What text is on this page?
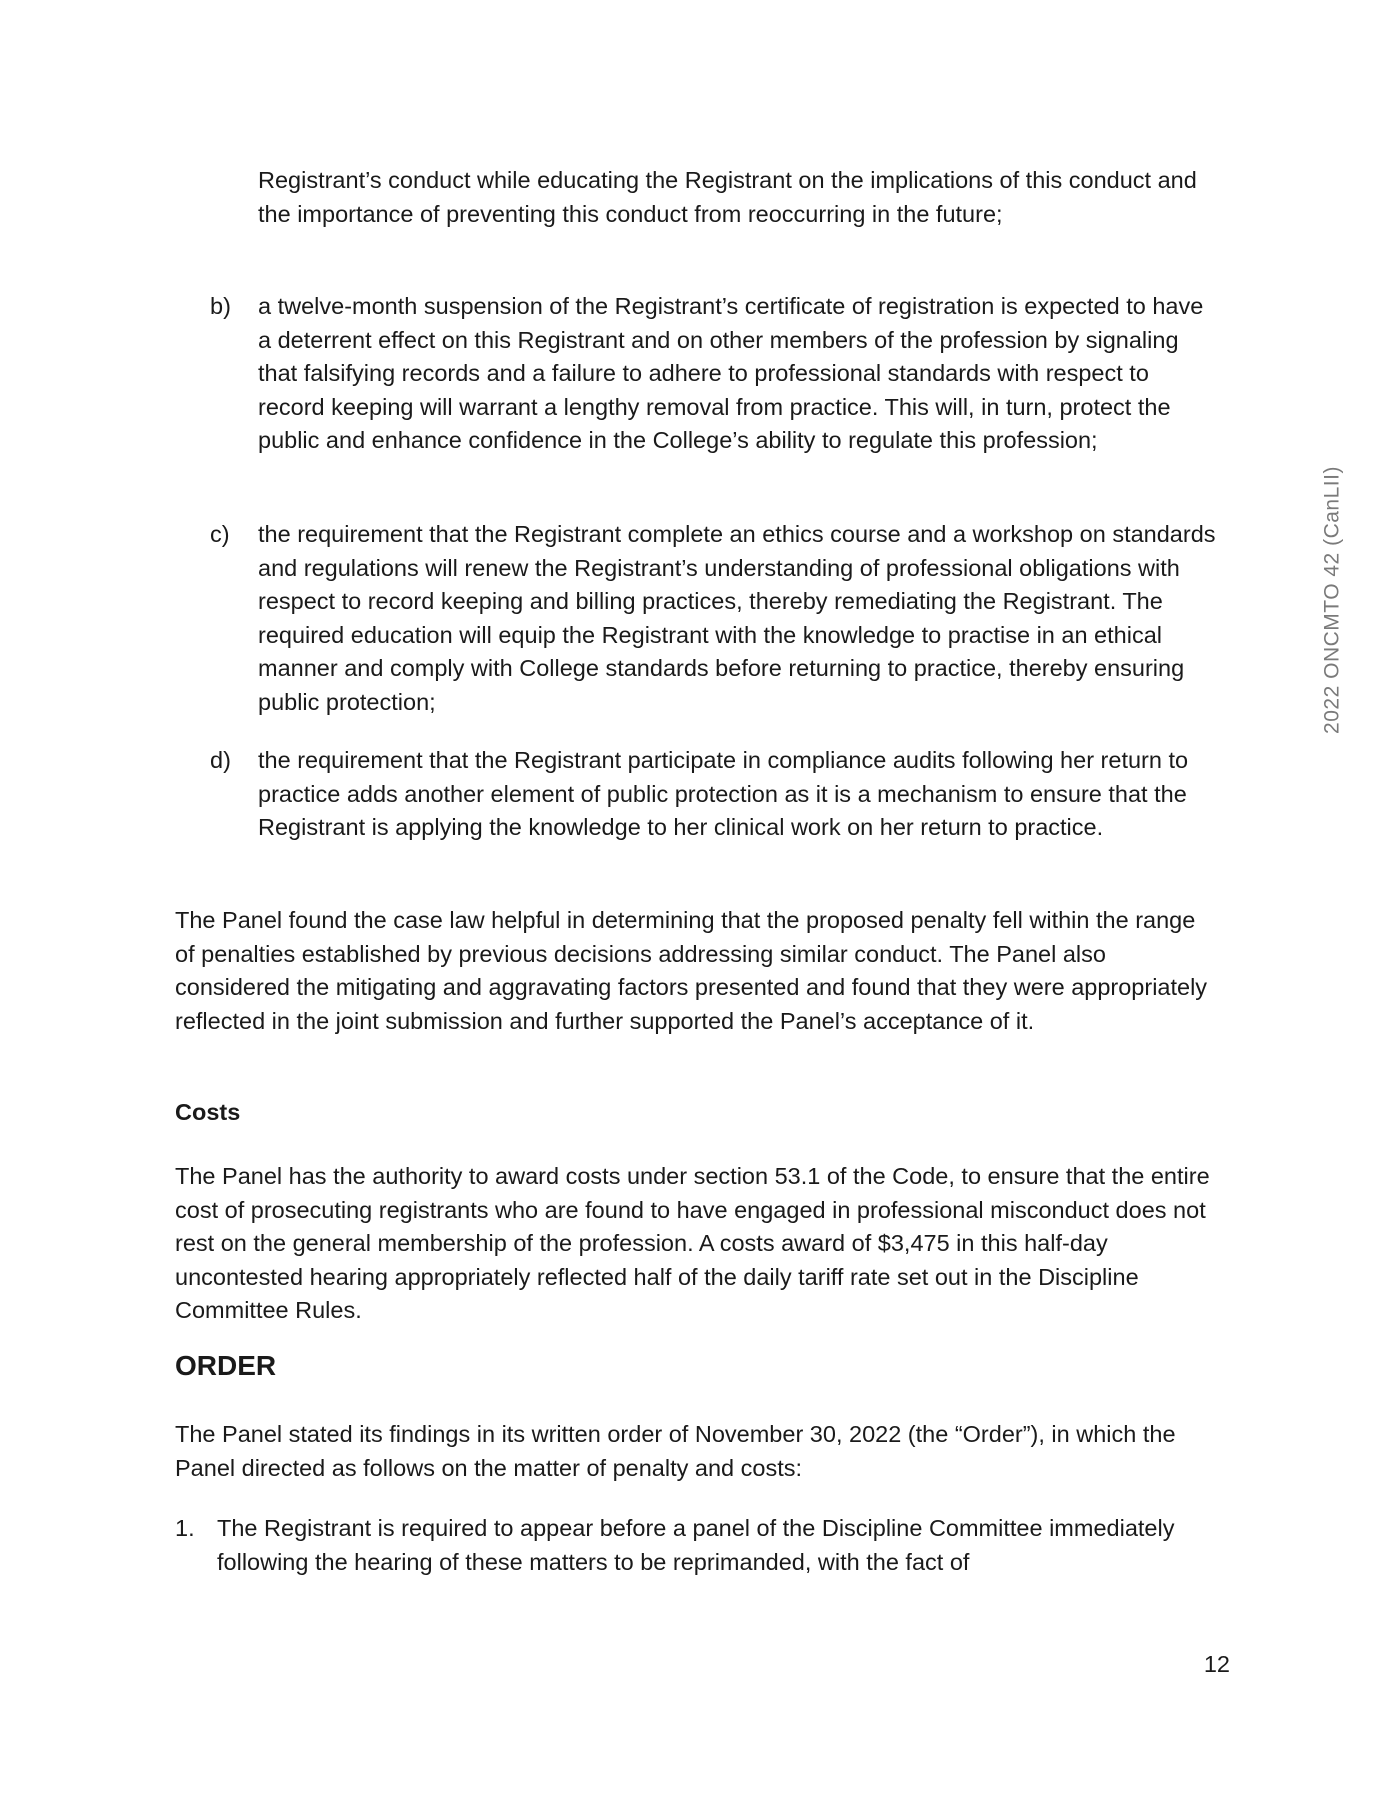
Registrant’s conduct while educating the Registrant on the implications of this conduct and the importance of preventing this conduct from reoccurring in the future;

b)	a twelve-month suspension of the Registrant’s certificate of registration is expected to have a deterrent effect on this Registrant and on other members of the profession by signaling that falsifying records and a failure to adhere to professional standards with respect to record keeping will warrant a lengthy removal from practice. This will, in turn, protect the public and enhance confidence in the College’s ability to regulate this profession;

c)	the requirement that the Registrant complete an ethics course and a workshop on standards and regulations will renew the Registrant’s understanding of professional obligations with respect to record keeping and billing practices, thereby remediating the Registrant. The required education will equip the Registrant with the knowledge to practise in an ethical manner and comply with College standards before returning to practice, thereby ensuring public protection;

d)	the requirement that the Registrant participate in compliance audits following her return to practice adds another element of public protection as it is a mechanism to ensure that the Registrant is applying the knowledge to her clinical work on her return to practice.

The Panel found the case law helpful in determining that the proposed penalty fell within the range of penalties established by previous decisions addressing similar conduct. The Panel also considered the mitigating and aggravating factors presented and found that they were appropriately reflected in the joint submission and further supported the Panel’s acceptance of it.

Costs

The Panel has the authority to award costs under section 53.1 of the Code, to ensure that the entire cost of prosecuting registrants who are found to have engaged in professional misconduct does not rest on the general membership of the profession. A costs award of $3,475 in this half-day uncontested hearing appropriately reflected half of the daily tariff rate set out in the Discipline Committee Rules.

ORDER

The Panel stated its findings in its written order of November 30, 2022 (the “Order”), in which the Panel directed as follows on the matter of penalty and costs:

1. The Registrant is required to appear before a panel of the Discipline Committee immediately following the hearing of these matters to be reprimanded, with the fact of

12
2022 ONCMTO 42 (CanLII)
